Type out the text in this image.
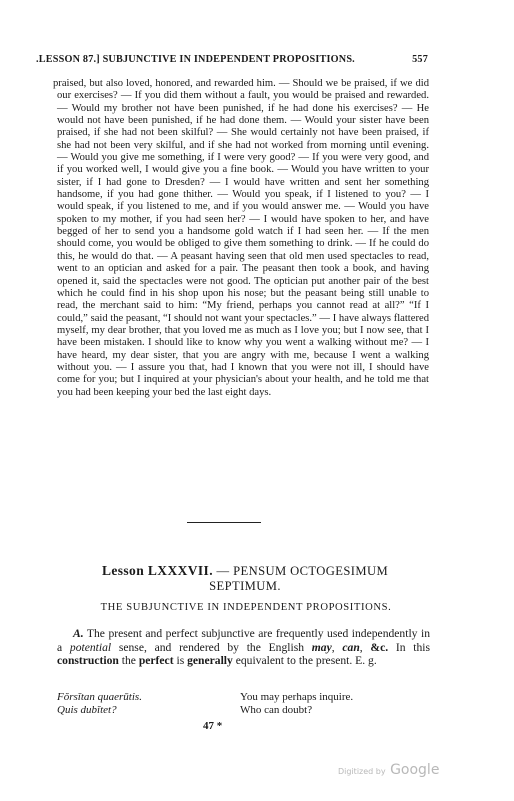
.LESSON 87.] SUBJUNCTIVE IN INDEPENDENT PROPOSITIONS.	557
praised, but also loved, honored, and rewarded him. — Should we be praised, if we did our exercises? — If you did them without a fault, you would be praised and rewarded. — Would my brother not have been punished, if he had done his exercises? — He would not have been punished, if he had done them. — Would your sister have been praised, if she had not been skilful? — She would certainly not have been praised, if she had not been very skilful, and if she had not worked from morning until evening. — Would you give me something, if I were very good? — If you were very good, and if you worked well, I would give you a fine book. — Would you have written to your sister, if I had gone to Dresden? — I would have written and sent her something handsome, if you had gone thither. — Would you speak, if I listened to you? — I would speak, if you listened to me, and if you would answer me. — Would you have spoken to my mother, if you had seen her? — I would have spoken to her, and have begged of her to send you a handsome gold watch if I had seen her. — If the men should come, you would be obliged to give them something to drink. — If he could do this, he would do that. — A peasant having seen that old men used spectacles to read, went to an optician and asked for a pair. The peasant then took a book, and having opened it, said the spectacles were not good. The optician put another pair of the best which he could find in his shop upon his nose; but the peasant being still unable to read, the merchant said to him: “My friend, perhaps you cannot read at all?” “If I could,” said the peasant, “I should not want your spectacles.” — I have always flattered myself, my dear brother, that you loved me as much as I love you; but I now see, that I have been mistaken. I should like to know why you went a walking without me? — I have heard, my dear sister, that you are angry with me, because I went a walking without you. — I assure you that, had I known that you were not ill, I should have come for you; but I inquired at your physician's about your health, and he told me that you had been keeping your bed the last eight days.
Lesson LXXXVII. — PENSUM OCTOGESIMUM
SEPTIMUM.
THE SUBJUNCTIVE IN INDEPENDENT PROPOSITIONS.
A. The present and perfect subjunctive are frequently used independently in a potential sense, and rendered by the English may, can, &c. In this construction the perfect is generally equivalent to the present. E. g.
Fŏrsĭtan quaerūtis.	You may perhaps inquire.
Quis dubĭtet?	Who can doubt?
47 *
Digitized by Google
